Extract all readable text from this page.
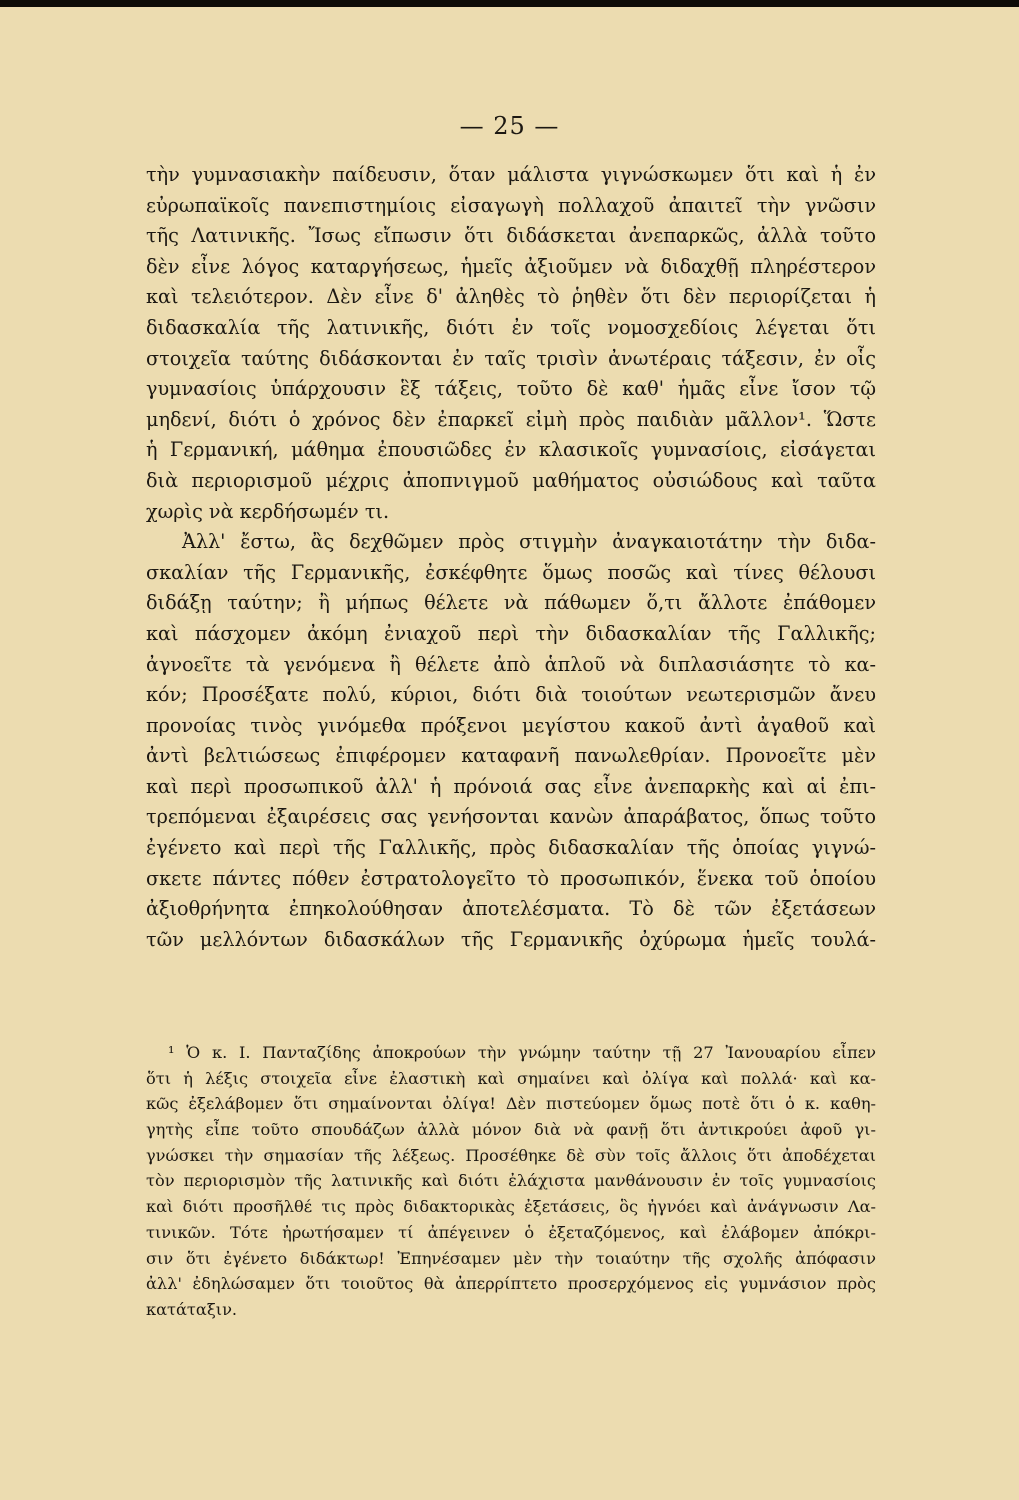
— 25 —
τὴν γυμνασιακὴν παίδευσιν, ὅταν μάλιστα γιγνώσκωμεν ὅτι καὶ ἡ ἐν
εὐρωπαϊκοῖς πανεπιστημίοις εἰσαγωγὴ πολλαχοῦ ἀπαιτεῖ τὴν γνῶσιν
τῆς Λατινικῆς. Ἴσως εἴπωσιν ὅτι διδάσκεται ἀνεπαρκῶς, ἀλλὰ τοῦτο
δὲν εἶνε λόγος καταργήσεως, ἡμεῖς ἀξιοῦμεν νὰ διδαχθῇ πληρέστερον
καὶ τελειότερον. Δὲν εἶνε δ' ἀληθὲς τὸ ῥηθὲν ὅτι δὲν περιορίζεται ἡ
διδασκαλία τῆς λατινικῆς, διότι ἐν τοῖς νομοσχεδίοις λέγεται ὅτι
στοιχεῖα ταύτης διδάσκονται ἐν ταῖς τρισὶν ἀνωτέραις τάξεσιν, ἐν οἷς
γυμνασίοις ὑπάρχουσιν ἓξ τάξεις, τοῦτο δὲ καθ' ἡμᾶς εἶνε ἴσον τῷ
μηδενί, διότι ὁ χρόνος δὲν ἐπαρκεῖ εἰμὴ πρὸς παιδιὰν μᾶλλον¹. Ὥστε
ἡ Γερμανική, μάθημα ἐπουσιῶδες ἐν κλασικοῖς γυμνασίοις, εἰσάγεται
διὰ περιορισμοῦ μέχρις ἀποπνιγμοῦ μαθήματος οὐσιώδους καὶ ταῦτα
χωρὶς νὰ κερδήσωμέν τι.
Ἀλλ' ἔστω, ἂς δεχθῶμεν πρὸς στιγμὴν ἀναγκαιοτάτην τὴν διδα-
σκαλίαν τῆς Γερμανικῆς, ἐσκέφθητε ὅμως ποσῶς καὶ τίνες θέλουσι
διδάξῃ ταύτην; ἢ μήπως θέλετε νὰ πάθωμεν ὅ,τι ἄλλοτε ἐπάθομεν
καὶ πάσχομεν ἀκόμη ἐνιαχοῦ περὶ τὴν διδασκαλίαν τῆς Γαλλικῆς;
ἀγνοεῖτε τὰ γενόμενα ἢ θέλετε ἀπὸ ἁπλοῦ νὰ διπλασιάσητε τὸ κα-
κόν; Προσέξατε πολύ, κύριοι, διότι διὰ τοιούτων νεωτερισμῶν ἄνευ
προνοίας τινὸς γινόμεθα πρόξενοι μεγίστου κακοῦ ἀντὶ ἀγαθοῦ καὶ
ἀντὶ βελτιώσεως ἐπιφέρομεν καταφανῆ πανωλεθρίαν. Προνοεῖτε μὲν
καὶ περὶ προσωπικοῦ ἀλλ' ἡ πρόνοιά σας εἶνε ἀνεπαρκὴς καὶ αἱ ἐπι-
τρεπόμεναι ἐξαιρέσεις σας γενήσονται κανὼν ἀπαράβατος, ὅπως τοῦτο
ἐγένετο καὶ περὶ τῆς Γαλλικῆς, πρὸς διδασκαλίαν τῆς ὁποίας γιγνώ-
σκετε πάντες πόθεν ἐστρατολογεῖτο τὸ προσωπικόν, ἕνεκα τοῦ ὁποίου
ἀξιοθρήνητα ἐπηκολούθησαν ἀποτελέσματα. Τὸ δὲ τῶν ἐξετάσεων
τῶν μελλόντων διδασκάλων τῆς Γερμανικῆς ὀχύρωμα ἡμεῖς τουλά-
¹ Ὁ κ. Ι. Πανταζίδης ἀποκρούων τὴν γνώμην ταύτην τῇ 27 Ἰανουαρίου εἶπεν
ὅτι ἡ λέξις στοιχεῖα εἶνε ἐλαστικὴ καὶ σημαίνει καὶ ὀλίγα καὶ πολλά· καὶ κα-
κῶς ἐξελάβομεν ὅτι σημαίνονται ὀλίγα! Δὲν πιστεύομεν ὅμως ποτὲ ὅτι ὁ κ. καθη-
γητὴς εἶπε τοῦτο σπουδάζων ἀλλὰ μόνον διὰ νὰ φανῇ ὅτι ἀντικρούει ἀφοῦ γι-
γνώσκει τὴν σημασίαν τῆς λέξεως. Προσέθηκε δὲ σὺν τοῖς ἄλλοις ὅτι ἀποδέχεται
τὸν περιορισμὸν τῆς λατινικῆς καὶ διότι ἐλάχιστα μανθάνουσιν ἐν τοῖς γυμνασίοις
καὶ διότι προσῆλθέ τις πρὸς διδακτορικὰς ἐξετάσεις, ὃς ἠγνόει καὶ ἀνάγνωσιν Λα-
τινικῶν. Τότε ἠρωτήσαμεν τί ἀπέγεινεν ὁ ἐξεταζόμενος, καὶ ἐλάβομεν ἀπόκρι-
σιν ὅτι ἐγένετο διδάκτωρ! Ἐπηνέσαμεν μὲν τὴν τοιαύτην τῆς σχολῆς ἀπόφασιν
ἀλλ' ἐδηλώσαμεν ὅτι τοιοῦτος θὰ ἀπερρίπτετο προσερχόμενος εἰς γυμνάσιον πρὸς
κατάταξιν.
